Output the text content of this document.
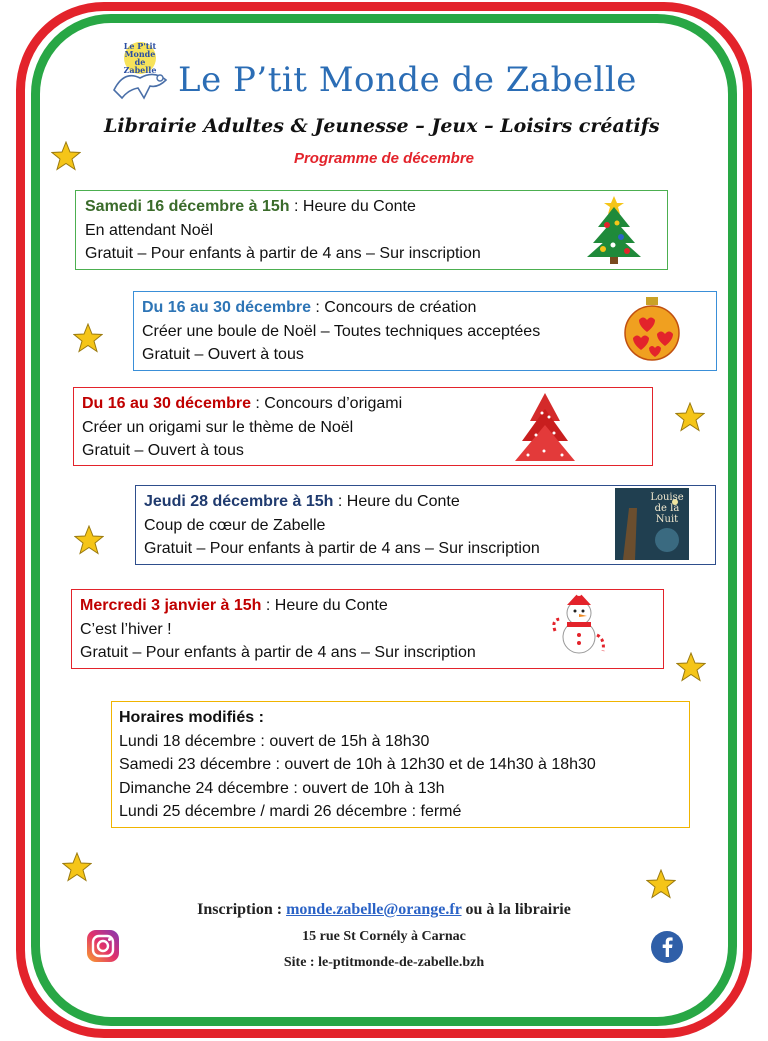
Le P'tit Monde de Zabelle Le P’tit Monde de Zabelle
Librairie Adultes & Jeunesse – Jeux – Loisirs créatifs
Programme de décembre
Samedi 16 décembre à 15h : Heure du Conte
En attendant Noël
Gratuit – Pour enfants à partir de 4 ans – Sur inscription
Du 16 au 30 décembre : Concours de création
Créer une boule de Noël – Toutes techniques acceptées
Gratuit – Ouvert à tous
Du 16 au 30 décembre : Concours d’origami
Créer un origami sur le thème de Noël
Gratuit – Ouvert à tous
Jeudi 28 décembre à 15h : Heure du Conte
Coup de cœur de Zabelle
Gratuit – Pour enfants à partir de 4 ans – Sur inscription
Louise de la Nuit
Mercredi 3 janvier à 15h : Heure du Conte
C’est l’hiver !
Gratuit – Pour enfants à partir de 4 ans – Sur inscription
Horaires modifiés :
Lundi 18 décembre : ouvert de 15h à 18h30
Samedi 23 décembre : ouvert de 10h à 12h30 et de 14h30 à 18h30
Dimanche 24 décembre : ouvert de 10h à 13h
Lundi 25 décembre / mardi 26 décembre : fermé
Inscription : monde.zabelle@orange.fr ou à la librairie
15 rue St Cornély à Carnac
Site : le-ptitmonde-de-zabelle.bzh
